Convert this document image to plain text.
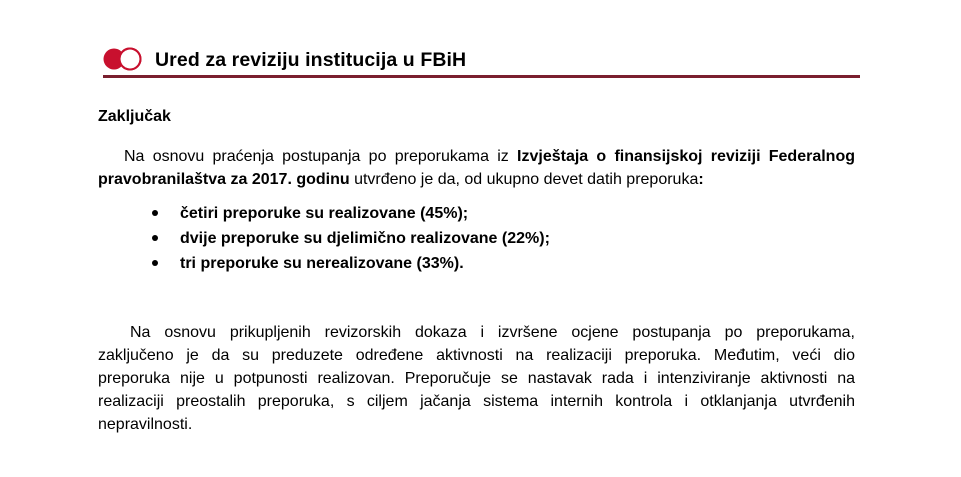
Ured za reviziju institucija u FBiH
Zaključak
Na osnovu praćenja postupanja po preporukama iz Izvještaja o finansijskoj reviziji Federalnog
pravobranilaštva za 2017. godinu utvrđeno je da, od ukupno devet datih preporuka:
četiri preporuke su realizovane (45%);
dvije preporuke su djelimično realizovane (22%);
tri preporuke su nerealizovane (33%).
Na osnovu prikupljenih revizorskih dokaza i izvršene ocjene postupanja po preporukama,
zaključeno je da su preduzete određene aktivnosti na realizaciji preporuka. Međutim, veći dio
preporuka nije u potpunosti realizovan. Preporučuje se nastavak rada i intenziviranje aktivnosti na
realizaciji preostalih preporuka, s ciljem jačanja sistema internih kontrola i otklanjanja utvrđenih
nepravilnosti.
